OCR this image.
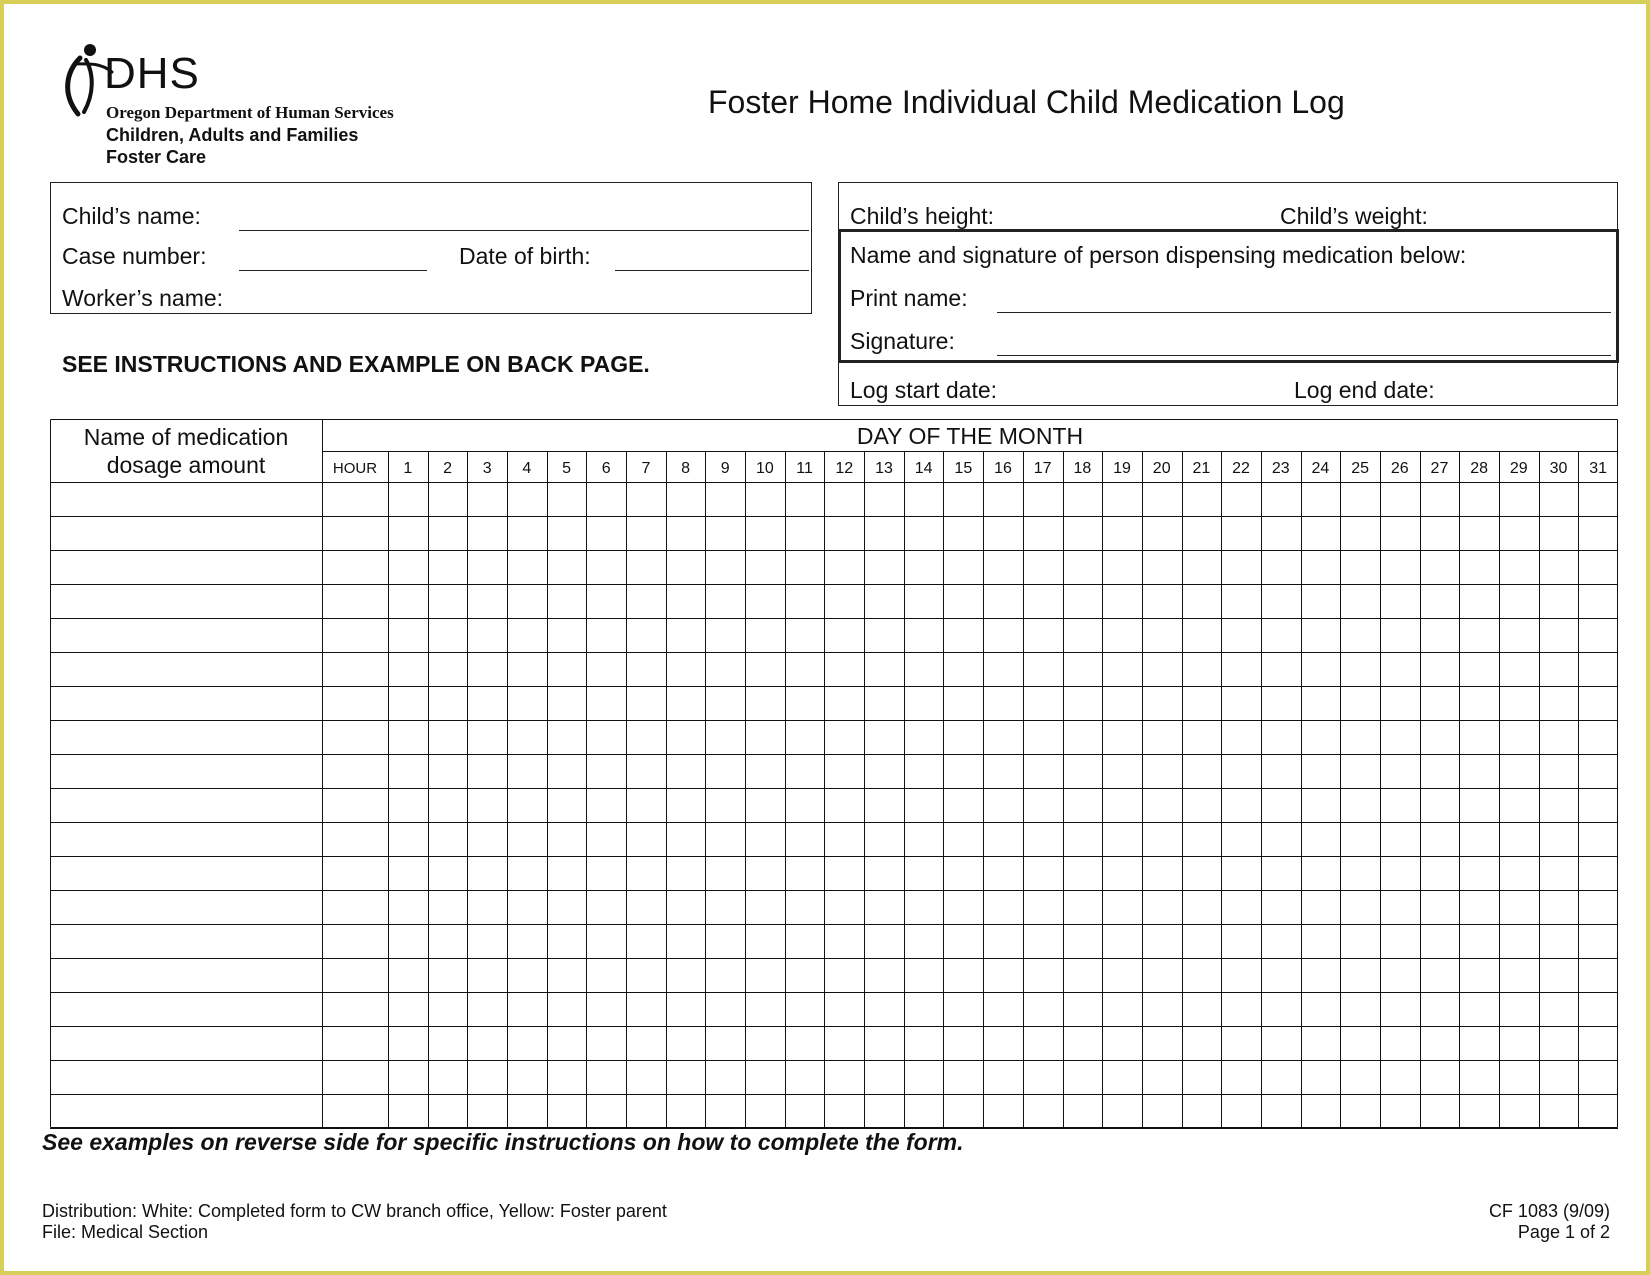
DHS
Oregon Department of Human Services
Children, Adults and Families
Foster Care
Foster Home Individual Child Medication Log
Child’s name:
Case number:	Date of birth:
Worker’s name:
SEE INSTRUCTIONS AND EXAMPLE ON BACK PAGE.
Child’s height:	Child’s weight:
Name and signature of person dispensing medication below:
Print name:
Signature:
Log start date:	Log end date:
Name of medication
dosage amount
DAY OF THE MONTH
HOUR 1 2 3 4 5 6 7 8 9 10 11 12 13 14 15 16 17 18 19 20 21 22 23 24 25 26 27 28 29 30 31
See examples on reverse side for specific instructions on how to complete the form.
Distribution: White: Completed form to CW branch office, Yellow: Foster parent
File: Medical Section
CF 1083 (9/09)
Page 1 of 2
